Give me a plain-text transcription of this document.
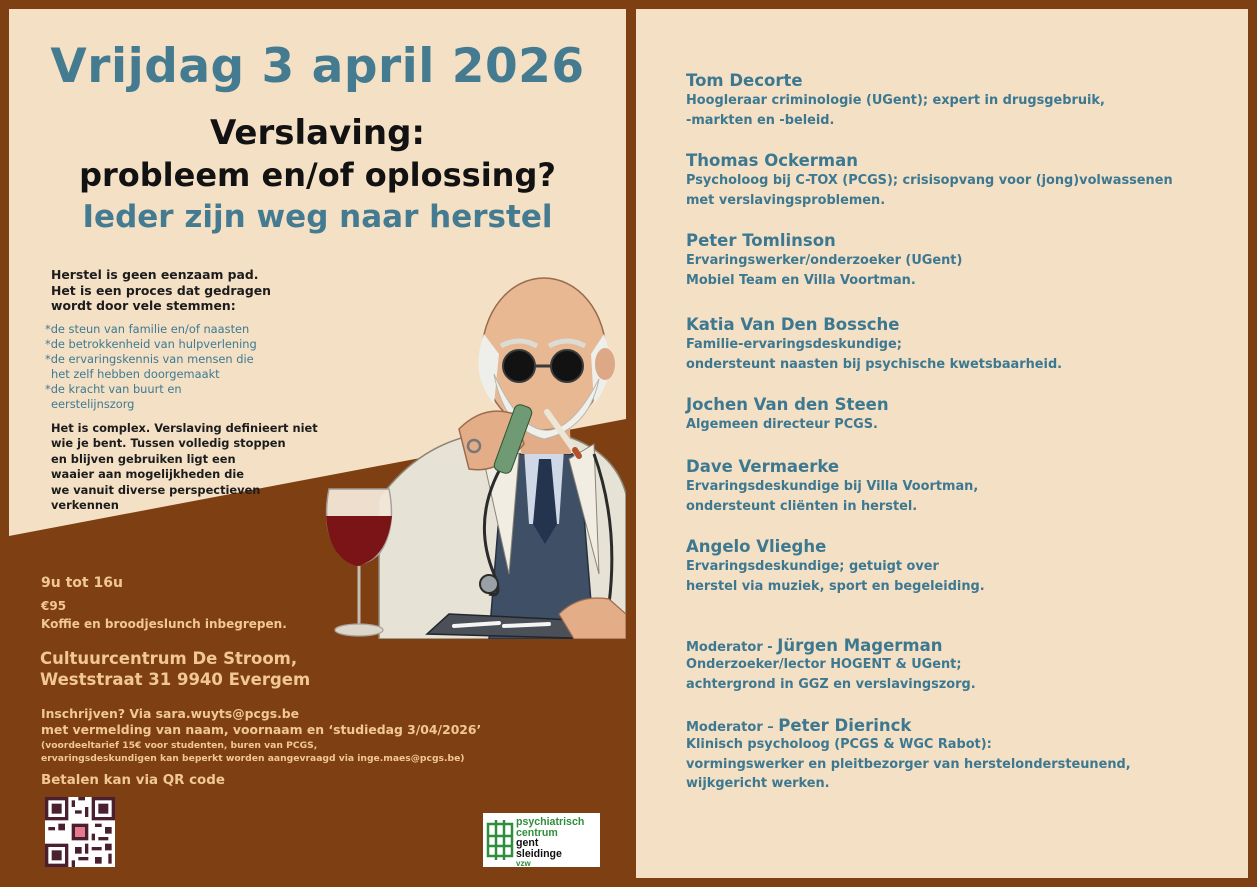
Vrijdag 3 april 2026
Verslaving:
probleem en/of oplossing?
Ieder zijn weg naar herstel
Herstel is geen eenzaam pad.
Het is een proces dat gedragen
wordt door vele stemmen:
*de steun van familie en/of naasten
*de betrokkenheid van hulpverlening
*de ervaringskennis van mensen die
het zelf hebben doorgemaakt
*de kracht van buurt en
eerstelijnszorg
Het is complex. Verslaving definieert niet
wie je bent. Tussen volledig stoppen
en blijven gebruiken ligt een
waaier aan mogelijkheden die
we vanuit diverse perspectieven
verkennen
9u tot 16u
€95
Koffie en broodjeslunch inbegrepen.
Cultuurcentrum De Stroom,
Weststraat 31 9940 Evergem
Inschrijven? Via sara.wuyts@pcgs.be
met vermelding van naam, voornaam en ‘studiedag 3/04/2026’
(voordeeltarief 15€ voor studenten, buren van PCGS,
ervaringsdeskundigen kan beperkt worden aangevraagd via inge.maes@pcgs.be)
Betalen kan via QR code
psychiatrisch
centrum
gent
sleidinge
vzw
Tom Decorte
Hoogleraar criminologie (UGent); expert in drugsgebruik,
-markten en -beleid.
Thomas Ockerman
Psycholoog bij C-TOX (PCGS); crisisopvang voor (jong)volwassenen
met verslavingsproblemen.
Peter Tomlinson
Ervaringswerker/onderzoeker (UGent)
Mobiel Team en Villa Voortman.
Katia Van Den Bossche
Familie-ervaringsdeskundige;
ondersteunt naasten bij psychische kwetsbaarheid.
Jochen Van den Steen
Algemeen directeur PCGS.
Dave Vermaerke
Ervaringsdeskundige bij Villa Voortman,
ondersteunt cliënten in herstel.
Angelo Vlieghe
Ervaringsdeskundige; getuigt over
herstel via muziek, sport en begeleiding.
Moderator - Jürgen Magerman
Onderzoeker/lector HOGENT & UGent;
achtergrond in GGZ en verslavingszorg.
Moderator – Peter Dierinck
Klinisch psycholoog (PCGS & WGC Rabot):
vormingswerker en pleitbezorger van herstelondersteunend,
wijkgericht werken.
